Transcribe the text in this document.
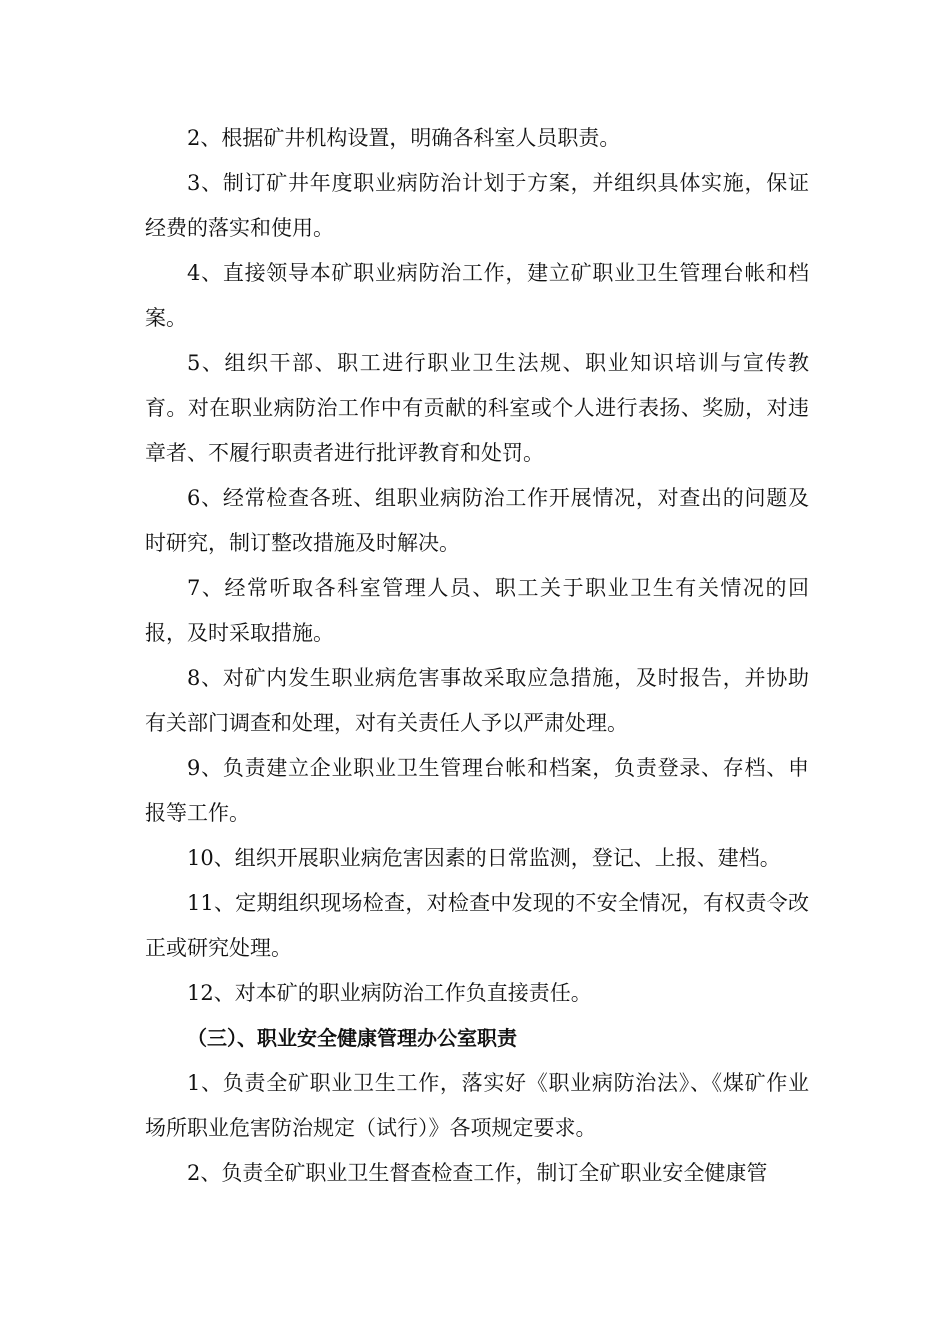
2、根据矿井机构设置，明确各科室人员职责。

3、制订矿井年度职业病防治计划于方案，并组织具体实施，保证经费的落实和使用。

4、直接领导本矿职业病防治工作，建立矿职业卫生管理台帐和档案。

5、组织干部、职工进行职业卫生法规、职业知识培训与宣传教育。对在职业病防治工作中有贡献的科室或个人进行表扬、奖励，对违章者、不履行职责者进行批评教育和处罚。

6、经常检查各班、组职业病防治工作开展情况，对查出的问题及时研究，制订整改措施及时解决。

7、经常听取各科室管理人员、职工关于职业卫生有关情况的回报，及时采取措施。

8、对矿内发生职业病危害事故采取应急措施，及时报告，并协助有关部门调查和处理，对有关责任人予以严肃处理。

9、负责建立企业职业卫生管理台帐和档案，负责登录、存档、申报等工作。

10、组织开展职业病危害因素的日常监测，登记、上报、建档。

11、定期组织现场检查，对检查中发现的不安全情况，有权责令改正或研究处理。

12、对本矿的职业病防治工作负直接责任。

（三）、职业安全健康管理办公室职责

1、负责全矿职业卫生工作，落实好《职业病防治法》、《煤矿作业场所职业危害防治规定（试行）》各项规定要求。

2、负责全矿职业卫生督查检查工作，制订全矿职业安全健康管
